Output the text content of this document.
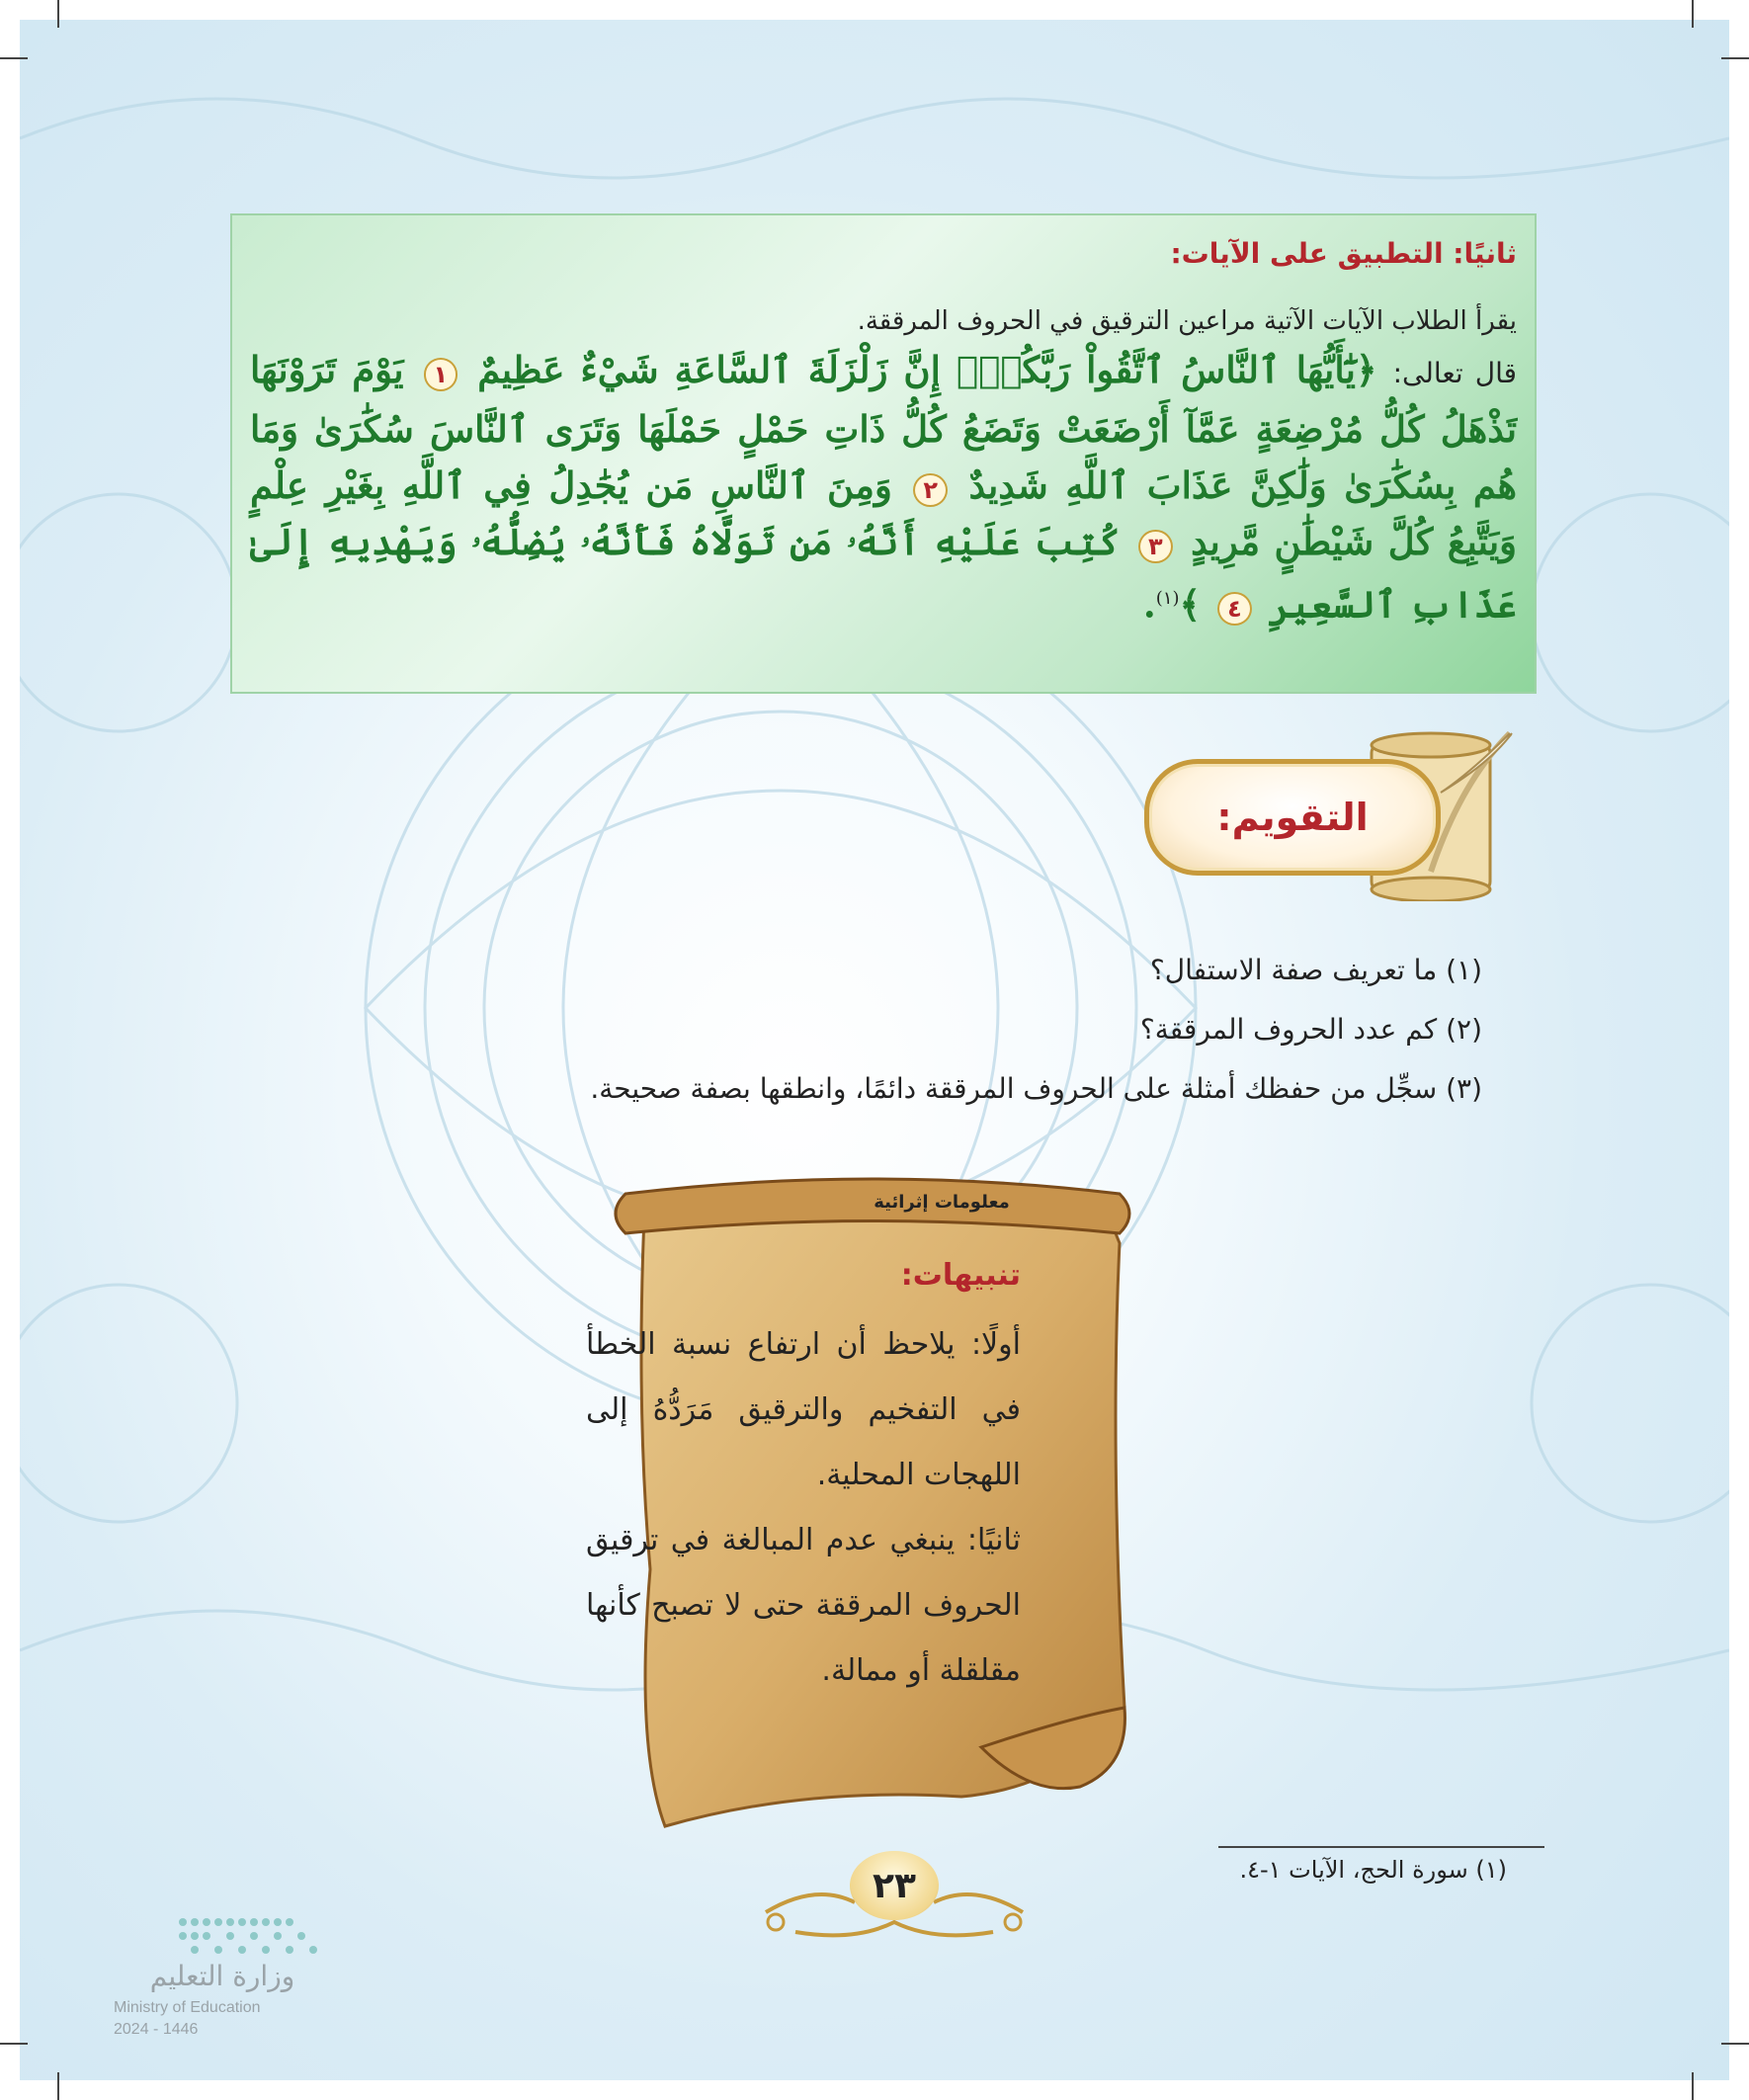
ثانيًا: التطبيق على الآيات:

يقرأ الطلاب الآيات الآتية مراعين الترقيق في الحروف المرققة.

قال تعالى: ﴿يَٰٓأَيُّهَا ٱلنَّاسُ ٱتَّقُواْ رَبَّكُمْۚ إِنَّ زَلْزَلَةَ ٱلسَّاعَةِ شَيْءٌ عَظِيمٌ ١ يَوْمَ تَرَوْنَهَا تَذْهَلُ كُلُّ مُرْضِعَةٍ عَمَّآ أَرْضَعَتْ وَتَضَعُ كُلُّ ذَاتِ حَمْلٍ حَمْلَهَا وَتَرَى ٱلنَّاسَ سُكَٰرَىٰ وَمَا هُم بِسُكَٰرَىٰ وَلَٰكِنَّ عَذَابَ ٱللَّهِ شَدِيدٌ ٢ وَمِنَ ٱلنَّاسِ مَن يُجَٰدِلُ فِي ٱللَّهِ بِغَيْرِ عِلْمٍ وَيَتَّبِعُ كُلَّ شَيْطَٰنٍ مَّرِيدٍ ٣ كُتِبَ عَلَيْهِ أَنَّهُۥ مَن تَوَلَّاهُ فَأَنَّهُۥ يُضِلُّهُۥ وَيَهْدِيهِ إِلَىٰ عَذَابِ ٱلسَّعِيرِ ٤ ﴾$^{(١)}$.

التقويم:
(١) ما تعريف صفة الاستفال؟
(٢) كم عدد الحروف المرققة؟
(٣) سجِّل من حفظك أمثلة على الحروف المرققة دائمًا، وانطقها بصفة صحيحة.

معلومات إثرائية

تنبيهات:

أولًا: يلاحظ أن ارتفاع نسبة الخطأ في التفخيم والترقيق مَرَدُّهُ إلى اللهجات المحلية.

ثانيًا: ينبغي عدم المبالغة في ترقيق الحروف المرققة حتى لا تصبح كأنها مقلقلة أو ممالة.

(١) سورة الحج، الآيات ١-٤.

٢٣

وزارة التعليم

Ministry of Education

2024 - 1446
